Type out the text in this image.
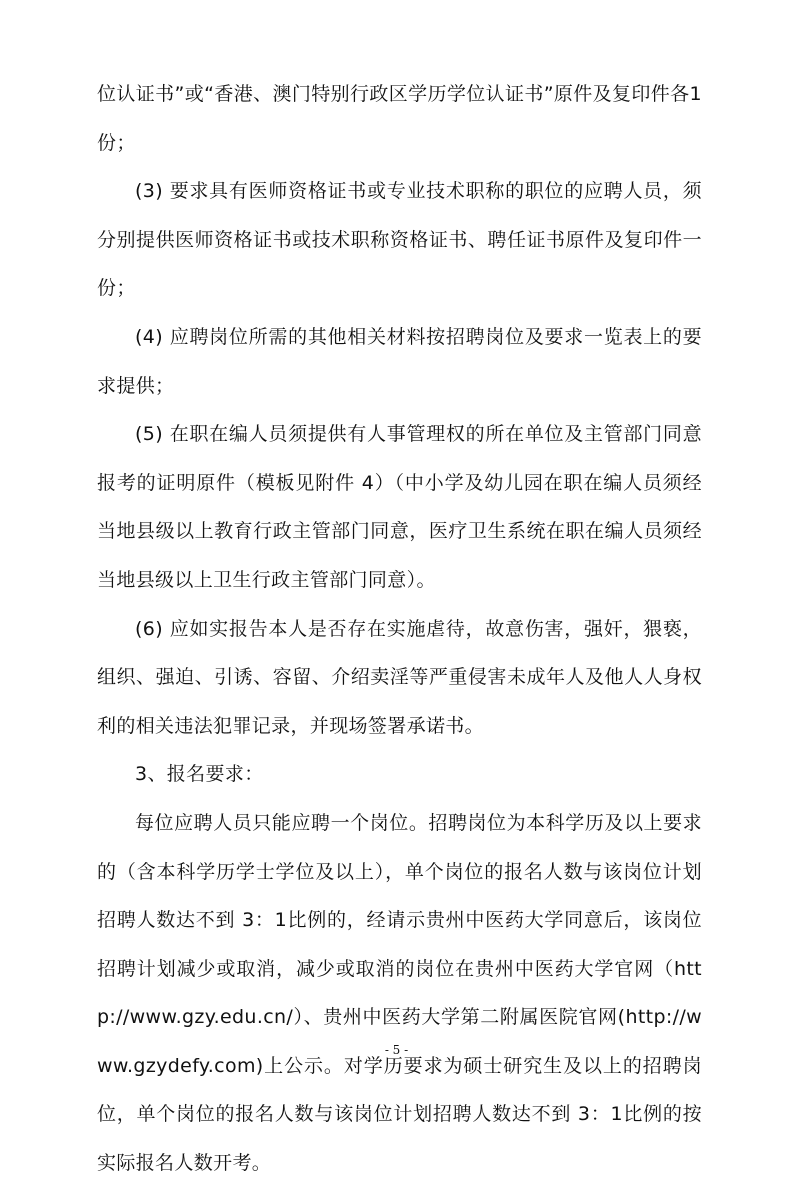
位认证书”或“香港、澳门特别行政区学历学位认证书”原件及复印件各1份；

(3) 要求具有医师资格证书或专业技术职称的职位的应聘人员，须分别提供医师资格证书或技术职称资格证书、聘任证书原件及复印件一份；

(4) 应聘岗位所需的其他相关材料按招聘岗位及要求一览表上的要求提供；

(5) 在职在编人员须提供有人事管理权的所在单位及主管部门同意报考的证明原件（模板见附件 4）（中小学及幼儿园在职在编人员须经当地县级以上教育行政主管部门同意，医疗卫生系统在职在编人员须经当地县级以上卫生行政主管部门同意）。

(6) 应如实报告本人是否存在实施虐待，故意伤害，强奸，猥亵，组织、强迫、引诱、容留、介绍卖淫等严重侵害未成年人及他人人身权利的相关违法犯罪记录，并现场签署承诺书。

3、报名要求：

每位应聘人员只能应聘一个岗位。招聘岗位为本科学历及以上要求的（含本科学历学士学位及以上），单个岗位的报名人数与该岗位计划招聘人数达不到 3：1比例的，经请示贵州中医药大学同意后，该岗位招聘计划减少或取消，减少或取消的岗位在贵州中医药大学官网（http://www.gzy.edu.cn/）、贵州中医药大学第二附属医院官网(http://www.gzydefy.com)上公示。对学历要求为硕士研究生及以上的招聘岗位，单个岗位的报名人数与该岗位计划招聘人数达不到 3：1比例的按实际报名人数开考。

- 5 -
